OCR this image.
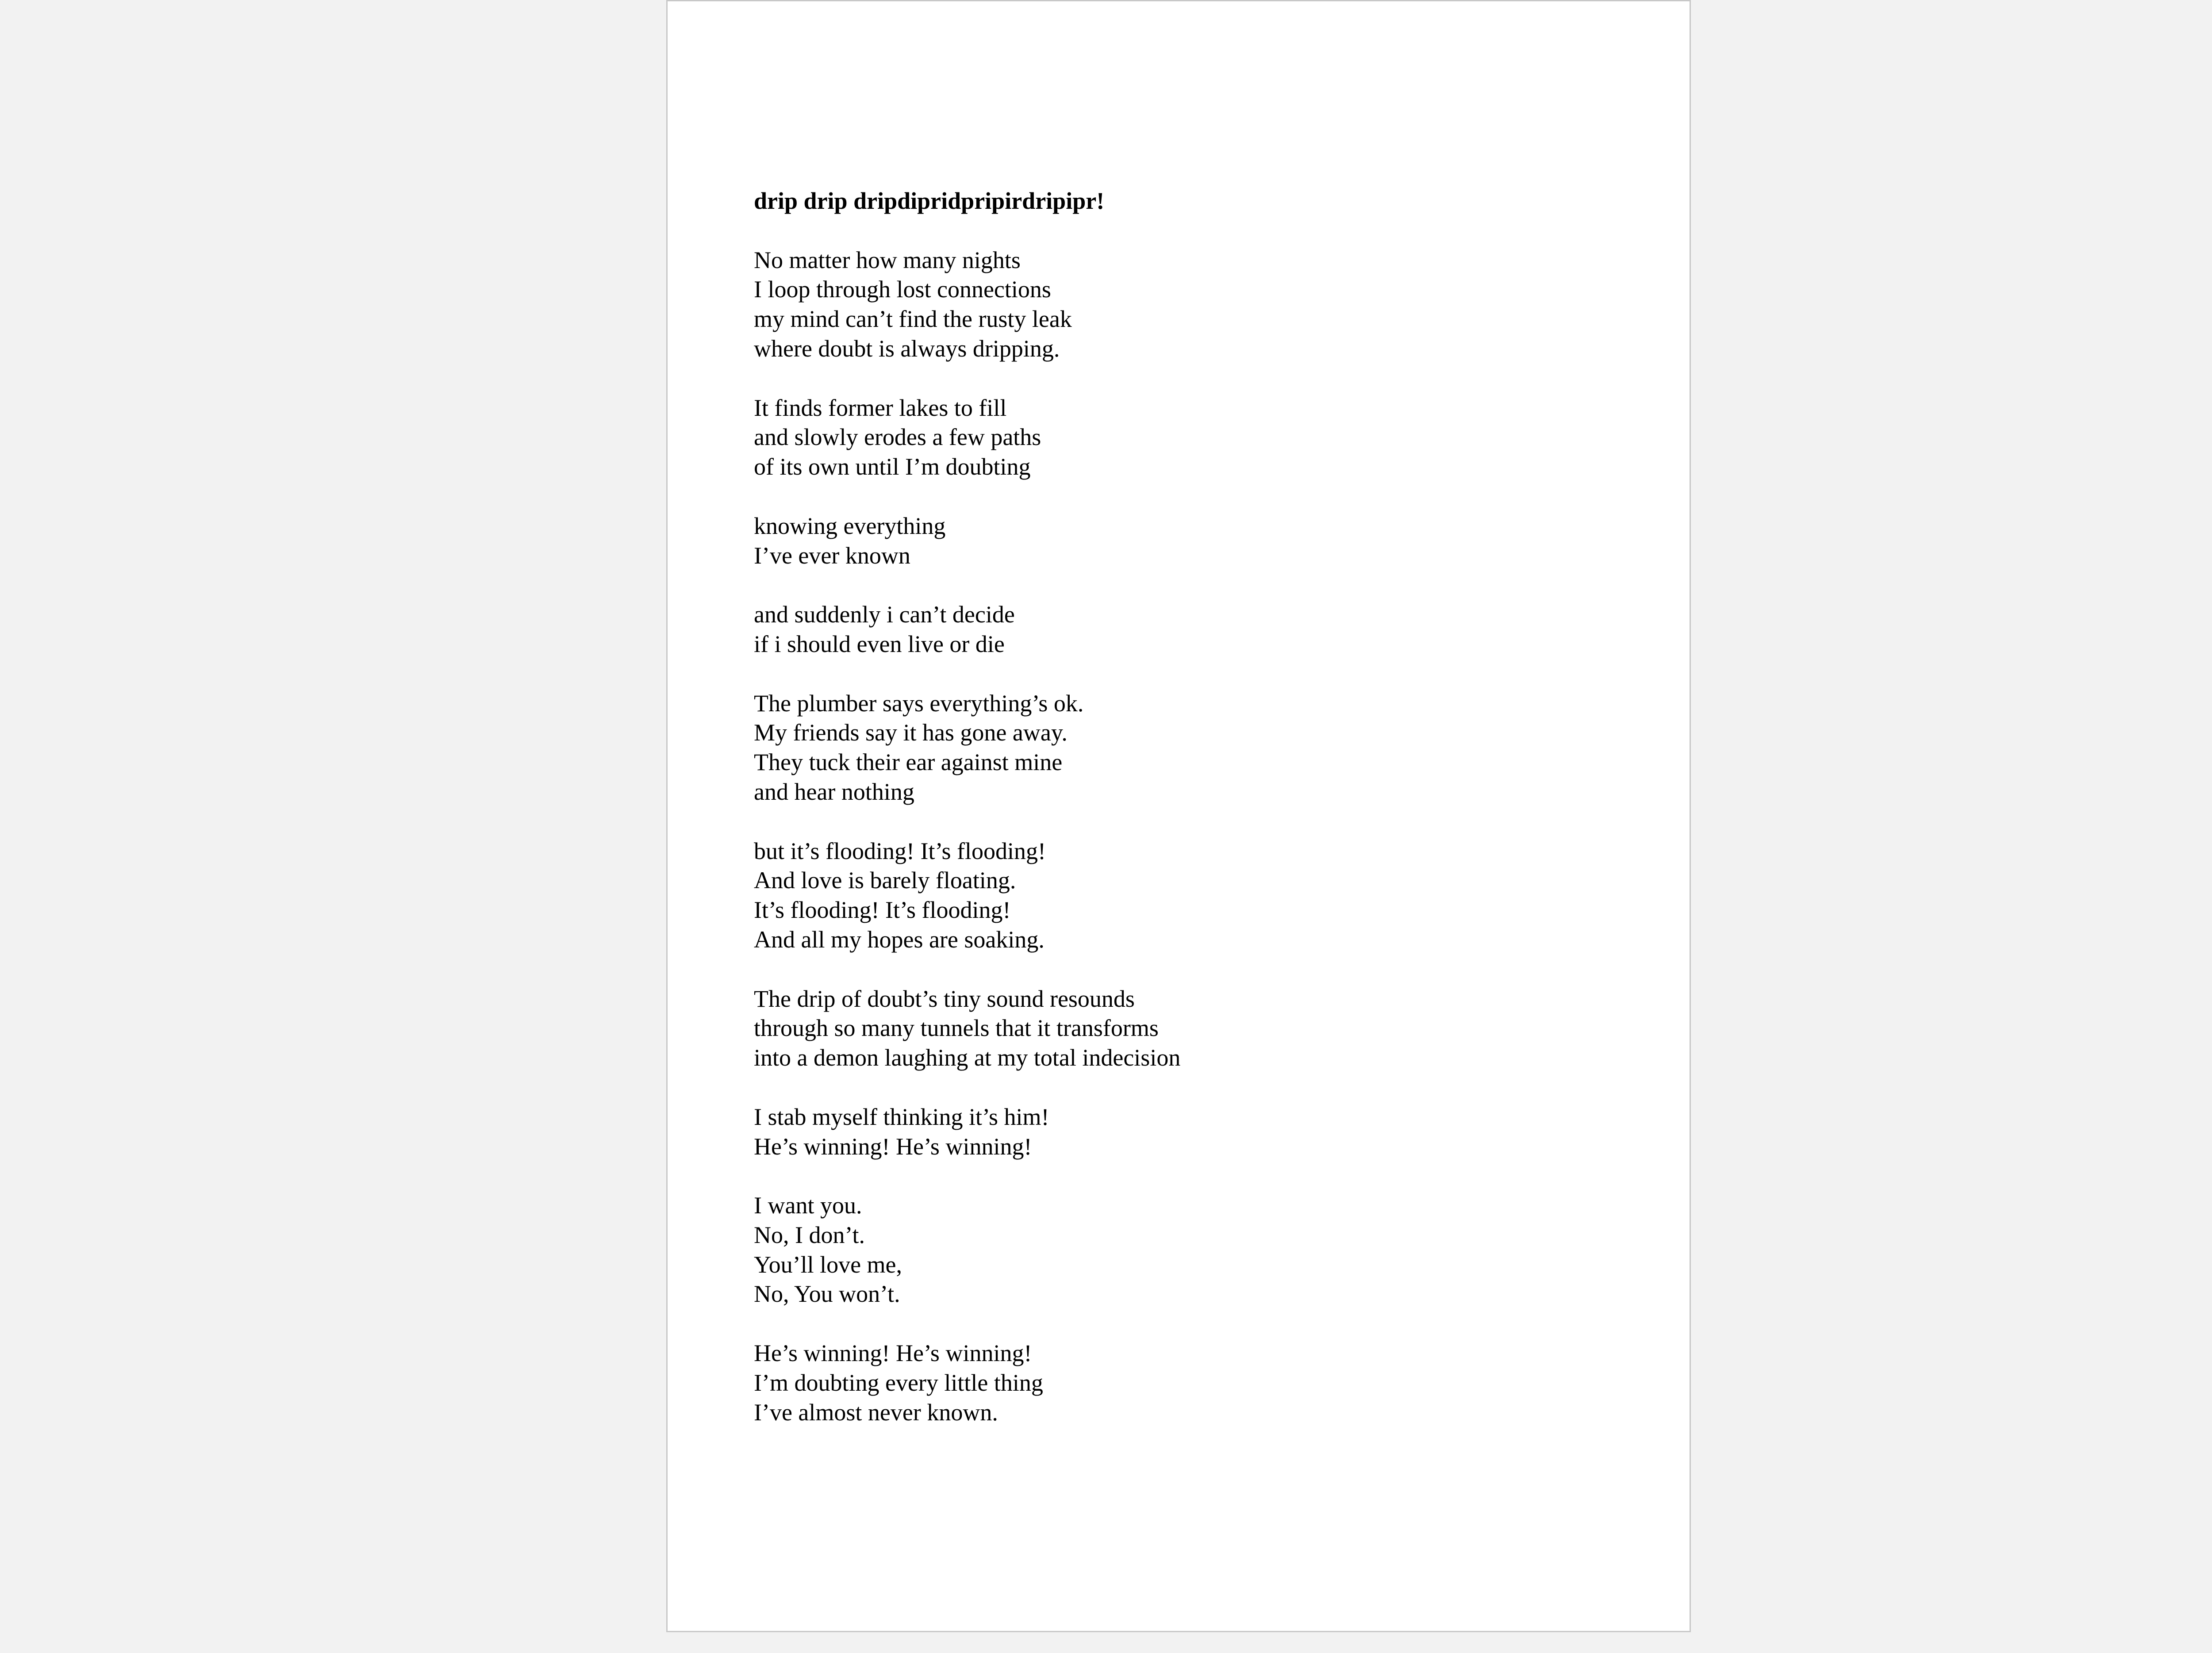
drip drip dripdipridpripirdripipr!
No matter how many nights
I loop through lost connections
my mind can’t find the rusty leak
where doubt is always dripping.
It finds former lakes to fill
and slowly erodes a few paths
of its own until I’m doubting
knowing everything
I’ve ever known
and suddenly i can’t decide
if i should even live or die
The plumber says everything’s ok.
My friends say it has gone away.
They tuck their ear against mine
and hear nothing
but it’s flooding! It’s flooding!
And love is barely floating.
It’s flooding! It’s flooding!
And all my hopes are soaking.
The drip of doubt’s tiny sound resounds
through so many tunnels that it transforms
into a demon laughing at my total indecision
I stab myself thinking it’s him!
He’s winning! He’s winning!
I want you.
No, I don’t.
You’ll love me,
No, You won’t.
He’s winning! He’s winning!
I’m doubting every little thing
I’ve almost never known.
